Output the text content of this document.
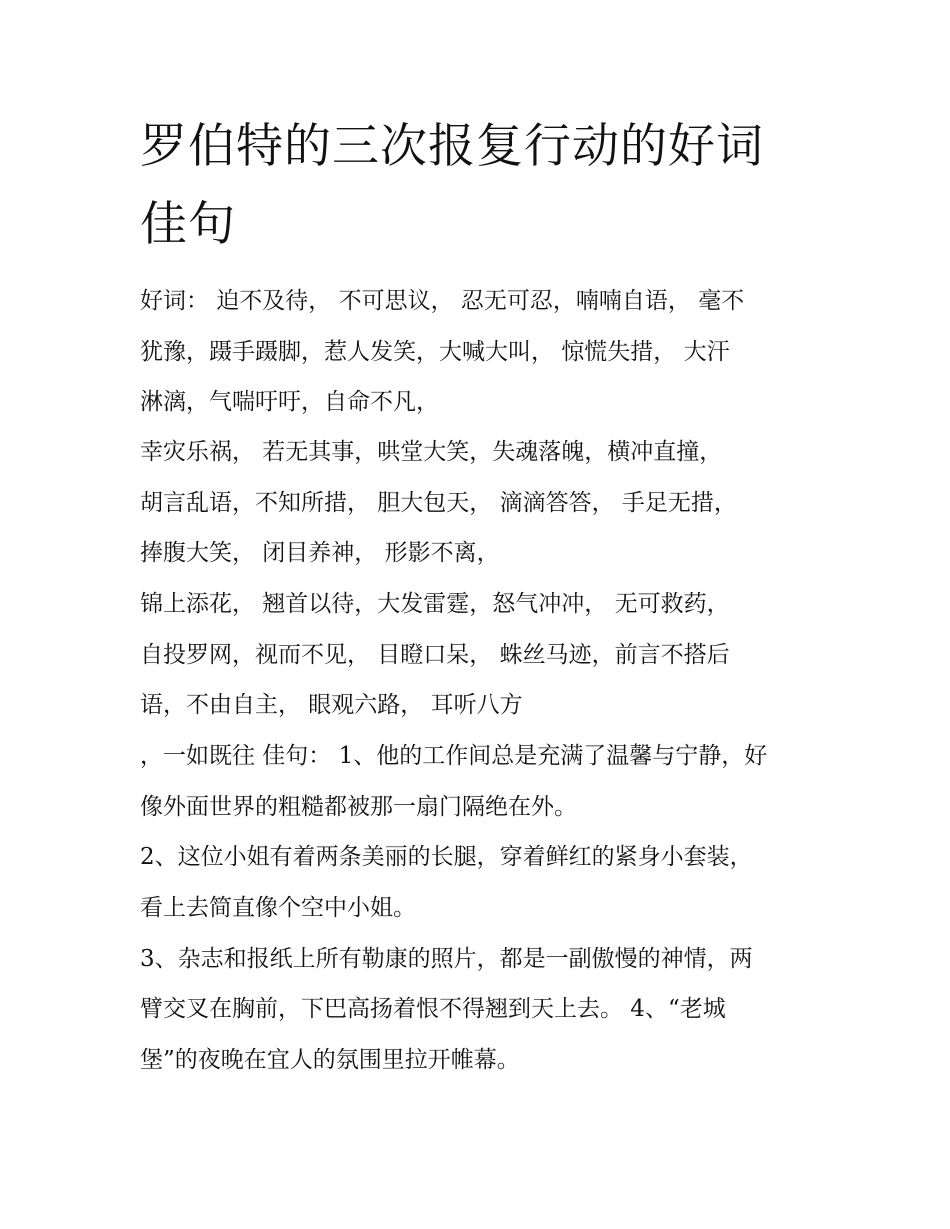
罗伯特的三次报复行动的好词
佳句
好词： 迫不及待， 不可思议， 忍无可忍，喃喃自语， 毫不
犹豫，蹑手蹑脚，惹人发笑，大喊大叫， 惊慌失措， 大汗
淋漓，气喘吁吁，自命不凡，
幸灾乐祸， 若无其事，哄堂大笑，失魂落魄，横冲直撞，
胡言乱语，不知所措， 胆大包天， 滴滴答答， 手足无措，
捧腹大笑， 闭目养神， 形影不离，
锦上添花， 翘首以待，大发雷霆，怒气冲冲， 无可救药，
自投罗网，视而不见， 目瞪口呆， 蛛丝马迹，前言不搭后
语，不由自主， 眼观六路， 耳听八方
，一如既往 佳句： 1、他的工作间总是充满了温馨与宁静，好
像外面世界的粗糙都被那一扇门隔绝在外。
2、这位小姐有着两条美丽的长腿，穿着鲜红的紧身小套装，
看上去简直像个空中小姐。
3、杂志和报纸上所有勒康的照片，都是一副傲慢的神情，两
臂交叉在胸前，下巴高扬着恨不得翘到天上去。 4、“老城
堡”的夜晚在宜人的氛围里拉开帷幕。
